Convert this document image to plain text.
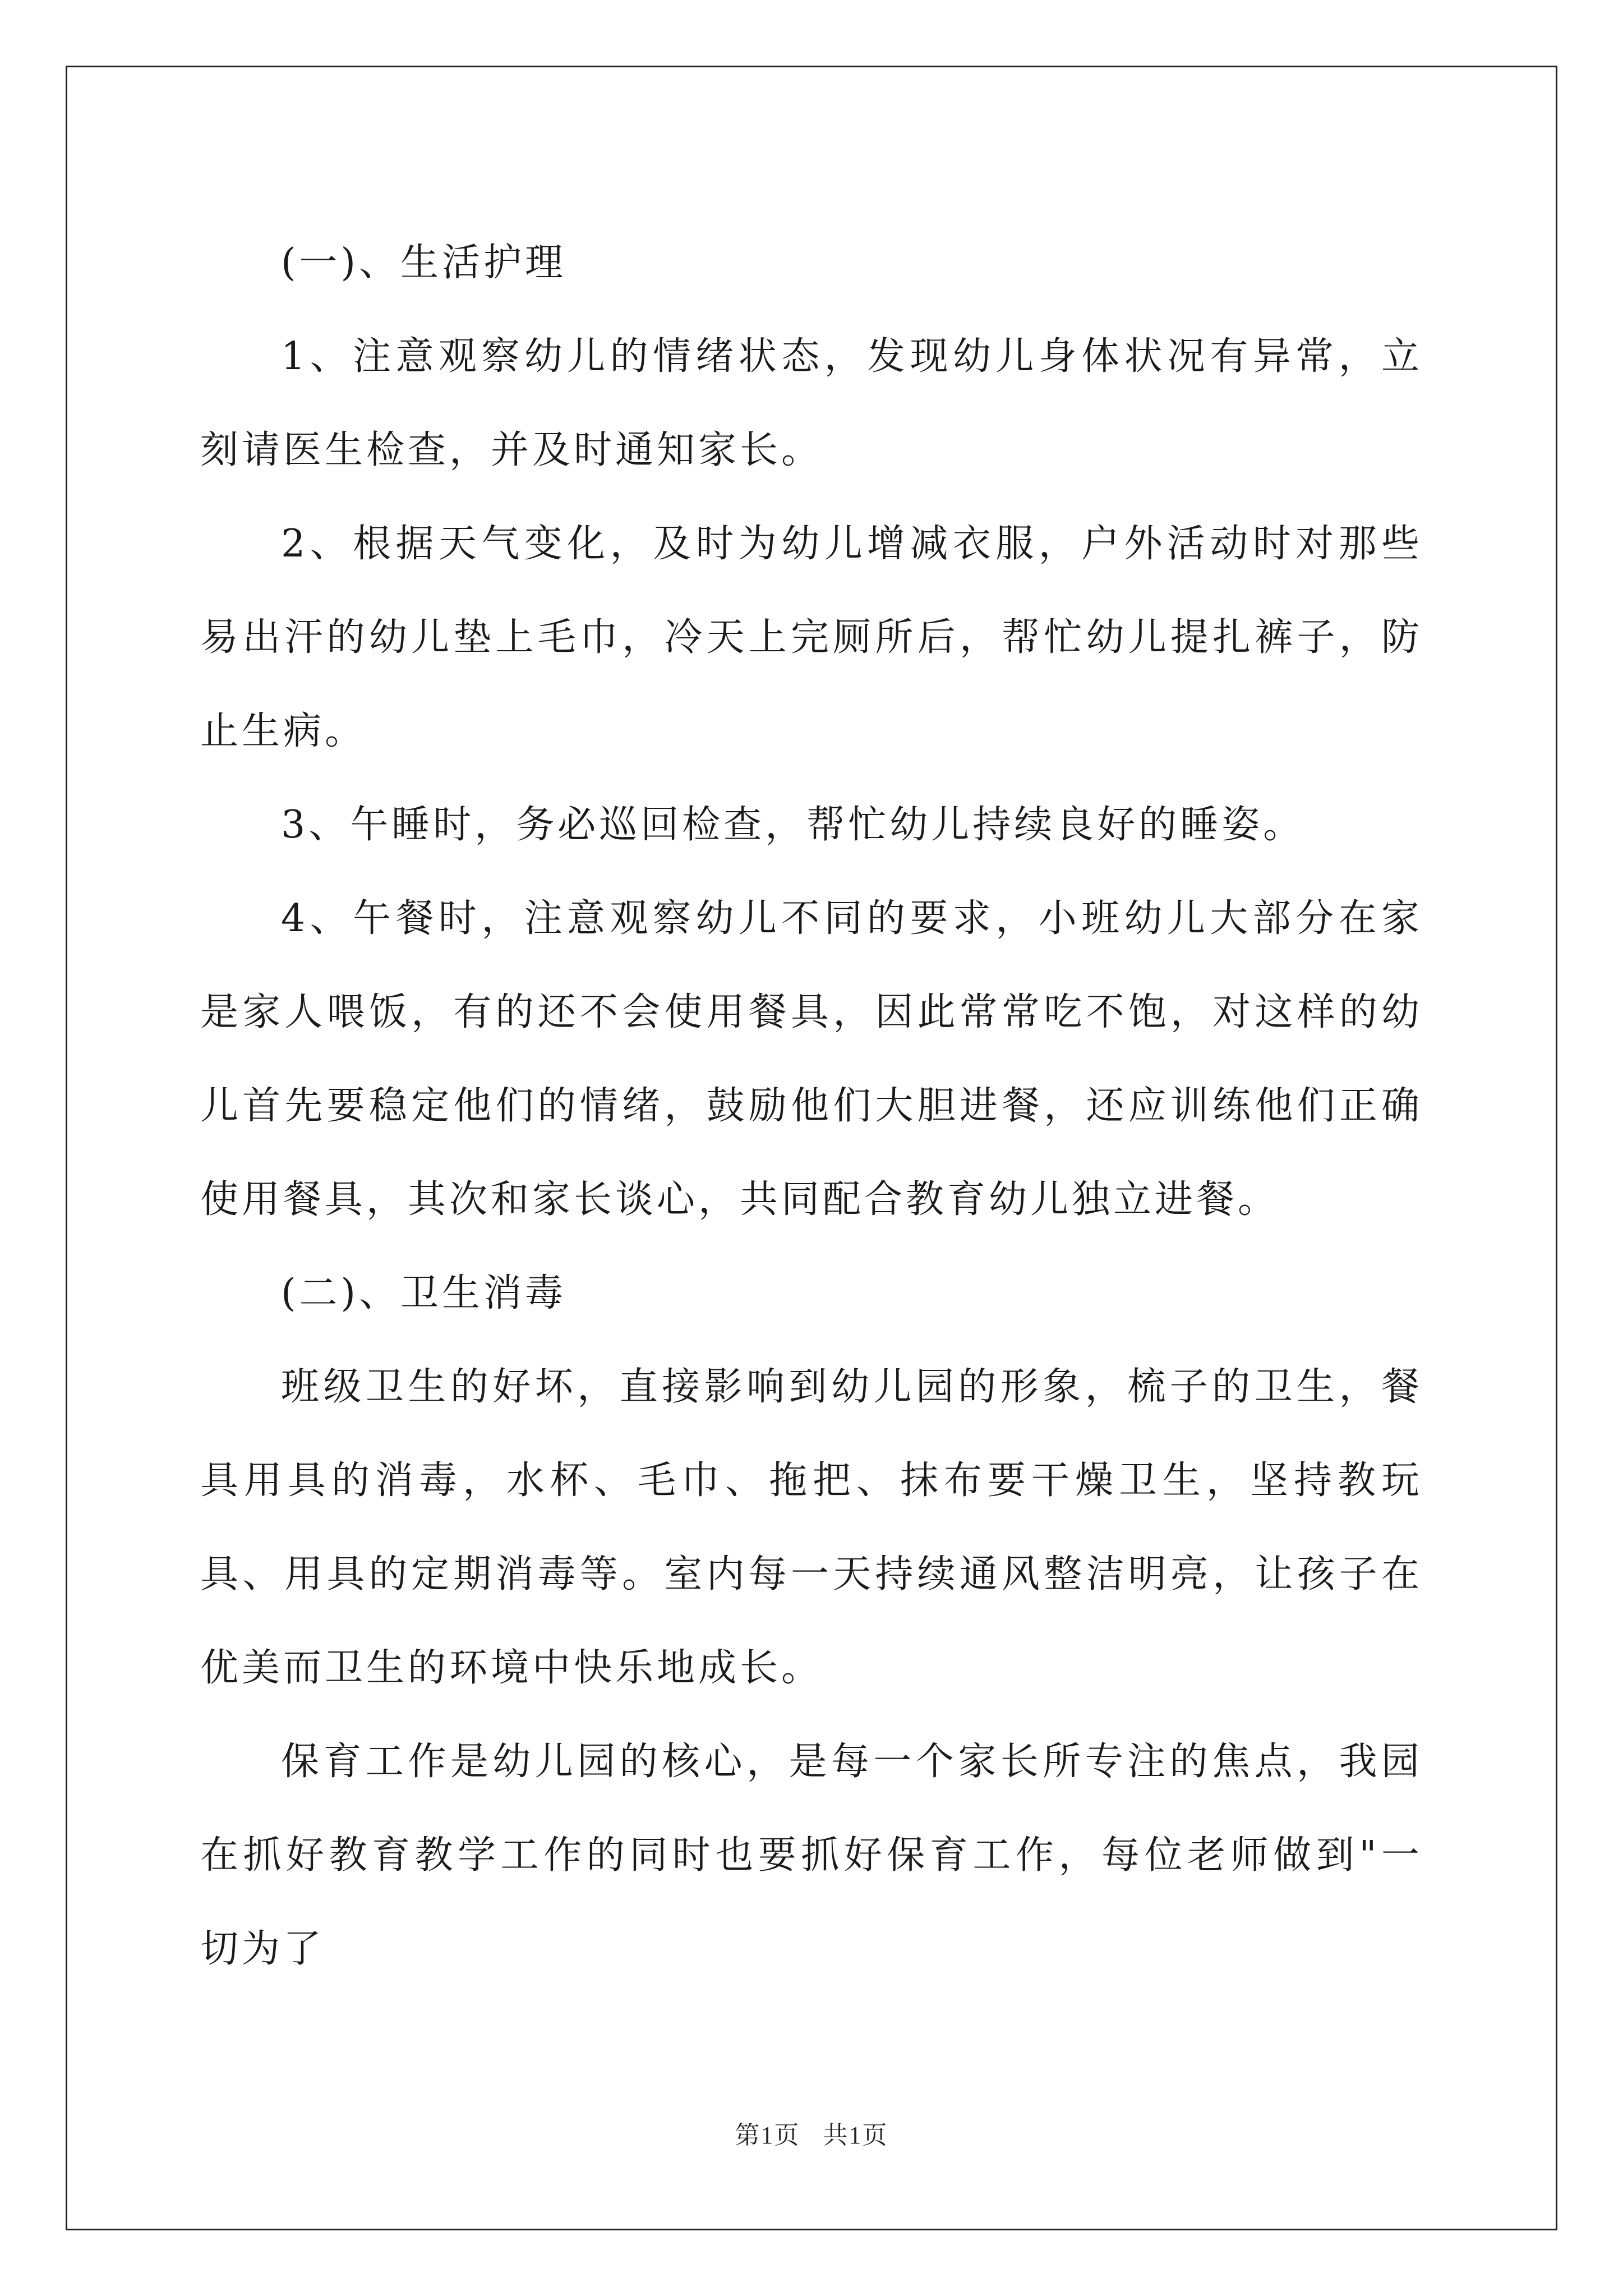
(一)、生活护理

1、注意观察幼儿的情绪状态，发现幼儿身体状况有异常，立刻请医生检查，并及时通知家长。

2、根据天气变化，及时为幼儿增减衣服，户外活动时对那些易出汗的幼儿垫上毛巾，冷天上完厕所后，帮忙幼儿提扎裤子，防止生病。

3、午睡时，务必巡回检查，帮忙幼儿持续良好的睡姿。

4、午餐时，注意观察幼儿不同的要求，小班幼儿大部分在家是家人喂饭，有的还不会使用餐具，因此常常吃不饱，对这样的幼儿首先要稳定他们的情绪，鼓励他们大胆进餐，还应训练他们正确使用餐具，其次和家长谈心，共同配合教育幼儿独立进餐。

(二)、卫生消毒

班级卫生的好坏，直接影响到幼儿园的形象，梳子的卫生，餐具用具的消毒，水杯、毛巾、拖把、抹布要干燥卫生，坚持教玩具、用具的定期消毒等。室内每一天持续通风整洁明亮，让孩子在优美而卫生的环境中快乐地成长。

保育工作是幼儿园的核心，是每一个家长所专注的焦点，我园在抓好教育教学工作的同时也要抓好保育工作，每位老师做到"一切为了

第1页 共1页
